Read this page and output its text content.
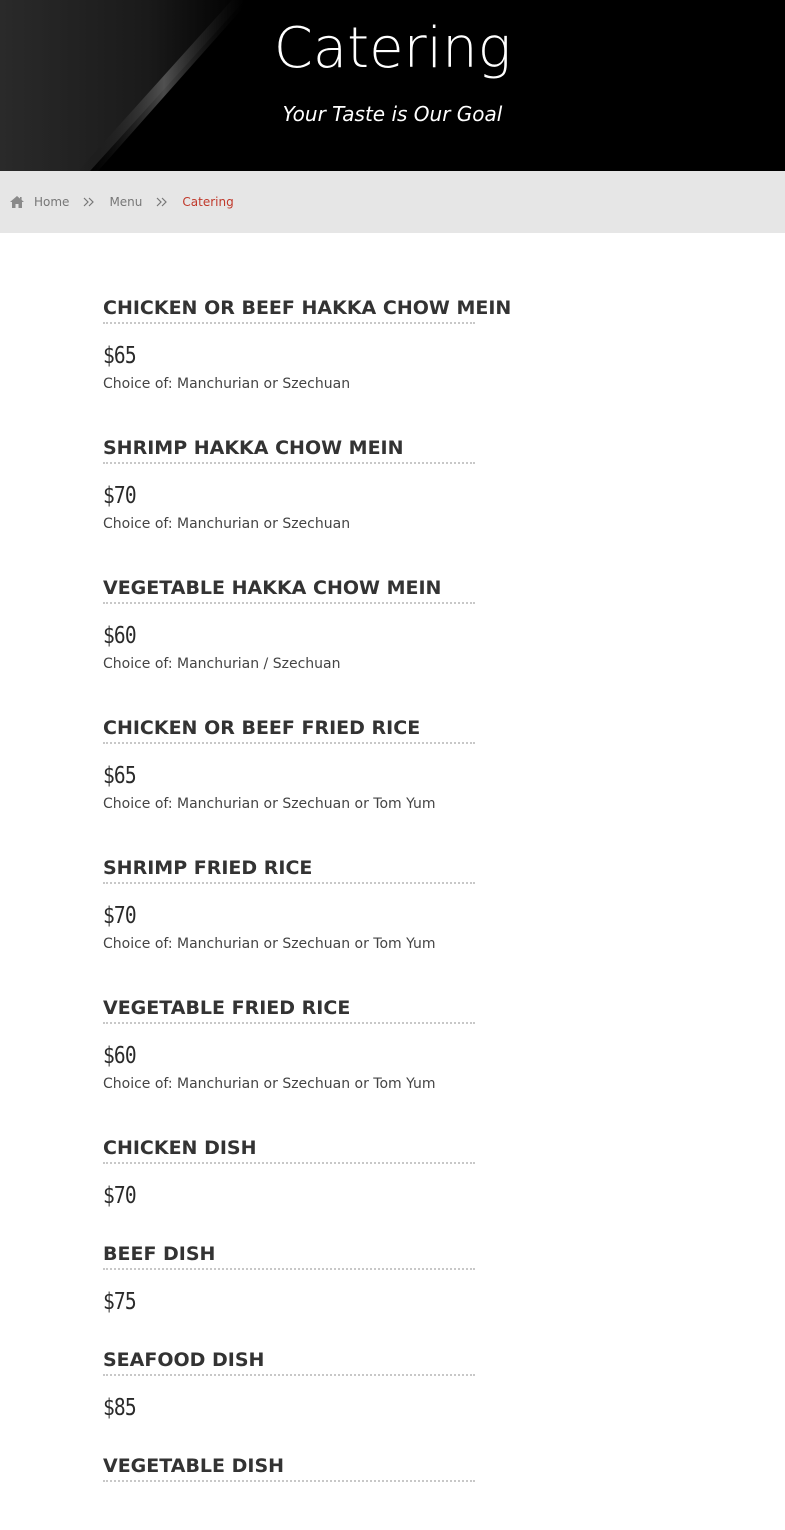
Catering
Your Taste is Our Goal
Home	Menu	Catering
CHICKEN OR BEEF HAKKA CHOW MEIN
$65
Choice of: Manchurian or Szechuan
SHRIMP HAKKA CHOW MEIN
$70
Choice of: Manchurian or Szechuan
VEGETABLE HAKKA CHOW MEIN
$60
Choice of: Manchurian / Szechuan
CHICKEN OR BEEF FRIED RICE
$65
Choice of: Manchurian or Szechuan or Tom Yum
SHRIMP FRIED RICE
$70
Choice of: Manchurian or Szechuan or Tom Yum
VEGETABLE FRIED RICE
$60
Choice of: Manchurian or Szechuan or Tom Yum
CHICKEN DISH
$70
BEEF DISH
$75
SEAFOOD DISH
$85
VEGETABLE DISH
